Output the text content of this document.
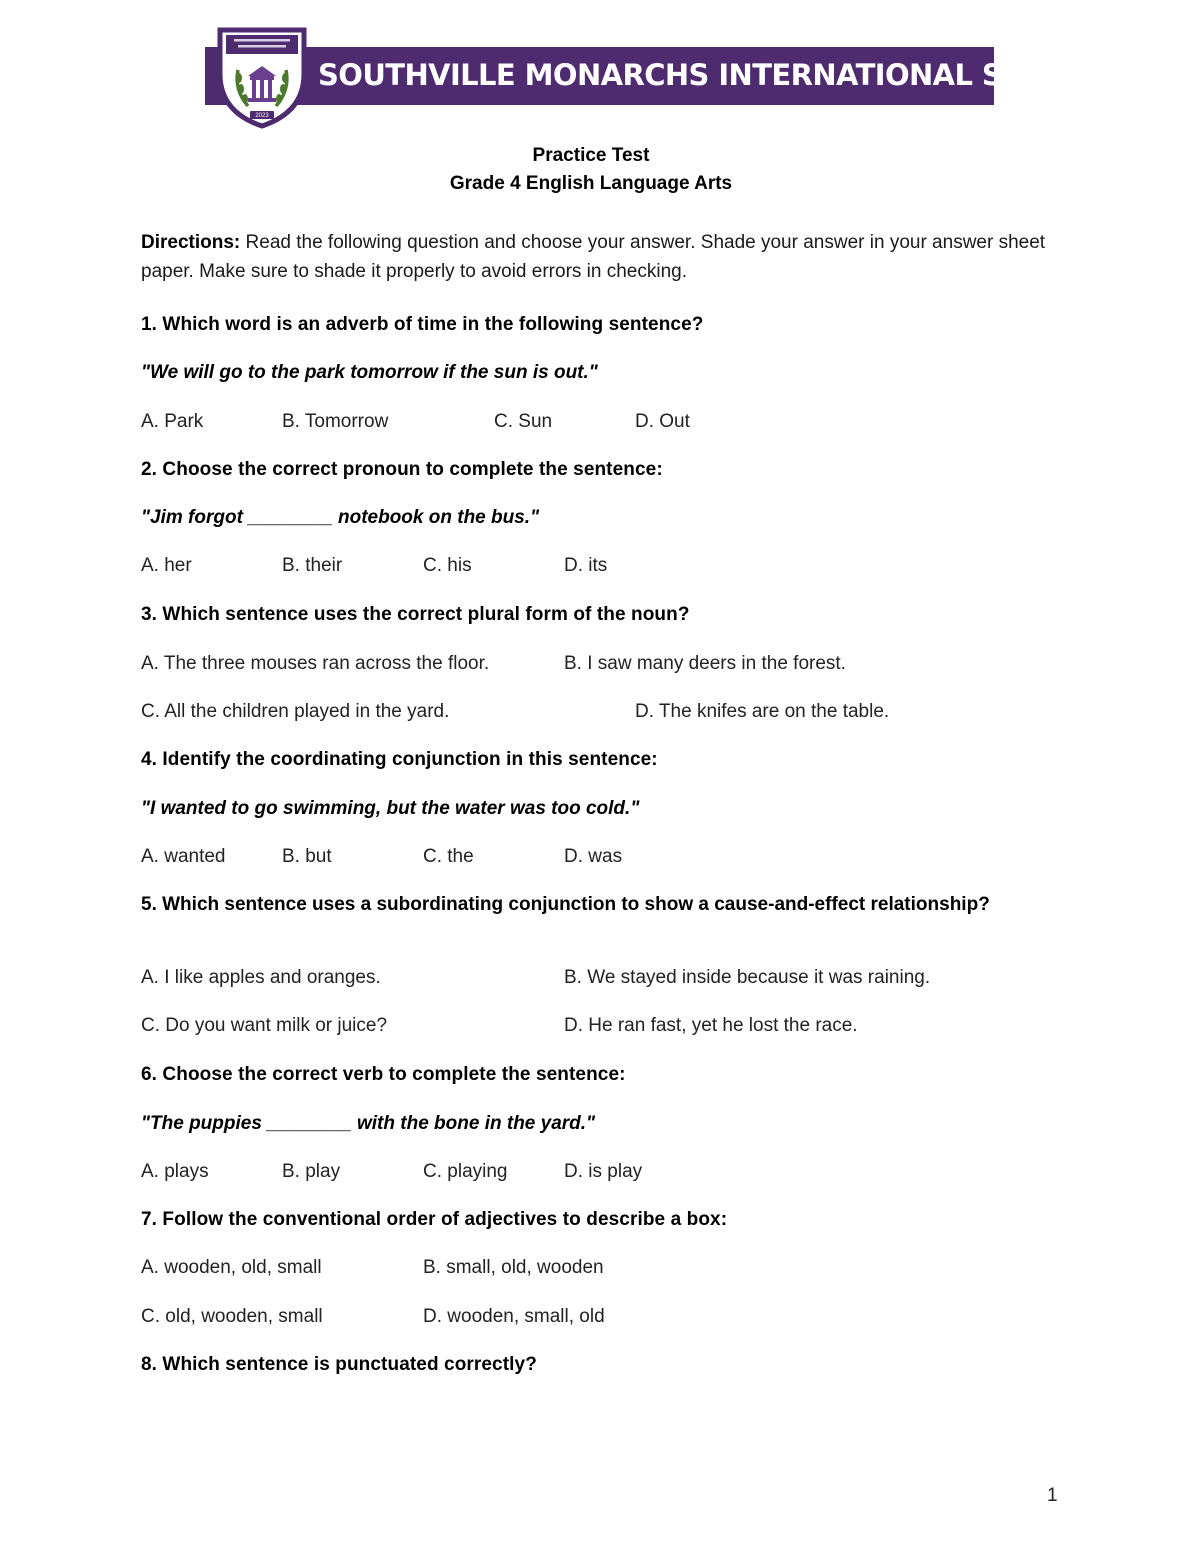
SOUTHVILLE MONARCHS INTERNATIONAL SCHOOL
2023
Practice Test
Grade 4 English Language Arts
Directions: Read the following question and choose your answer. Shade your answer in your answer sheet paper. Make sure to shade it properly to avoid errors in checking.
1. Which word is an adverb of time in the following sentence?
"We will go to the park tomorrow if the sun is out."
A. Park	B. Tomorrow	C. Sun	D. Out
2. Choose the correct pronoun to complete the sentence:
"Jim forgot ________ notebook on the bus."
A. her	B. their	C. his	D. its
3. Which sentence uses the correct plural form of the noun?
A. The three mouses ran across the floor.	B. I saw many deers in the forest.
C. All the children played in the yard.	D. The knifes are on the table.
4. Identify the coordinating conjunction in this sentence:
"I wanted to go swimming, but the water was too cold."
A. wanted	B. but	C. the	D. was
5. Which sentence uses a subordinating conjunction to show a cause-and-effect relationship?
A. I like apples and oranges.	B. We stayed inside because it was raining.
C. Do you want milk or juice?	D. He ran fast, yet he lost the race.
6. Choose the correct verb to complete the sentence:
"The puppies ________ with the bone in the yard."
A. plays	B. play	C. playing	D. is play
7. Follow the conventional order of adjectives to describe a box:
A. wooden, old, small	B. small, old, wooden
C. old, wooden, small	D. wooden, small, old
8. Which sentence is punctuated correctly?
1
